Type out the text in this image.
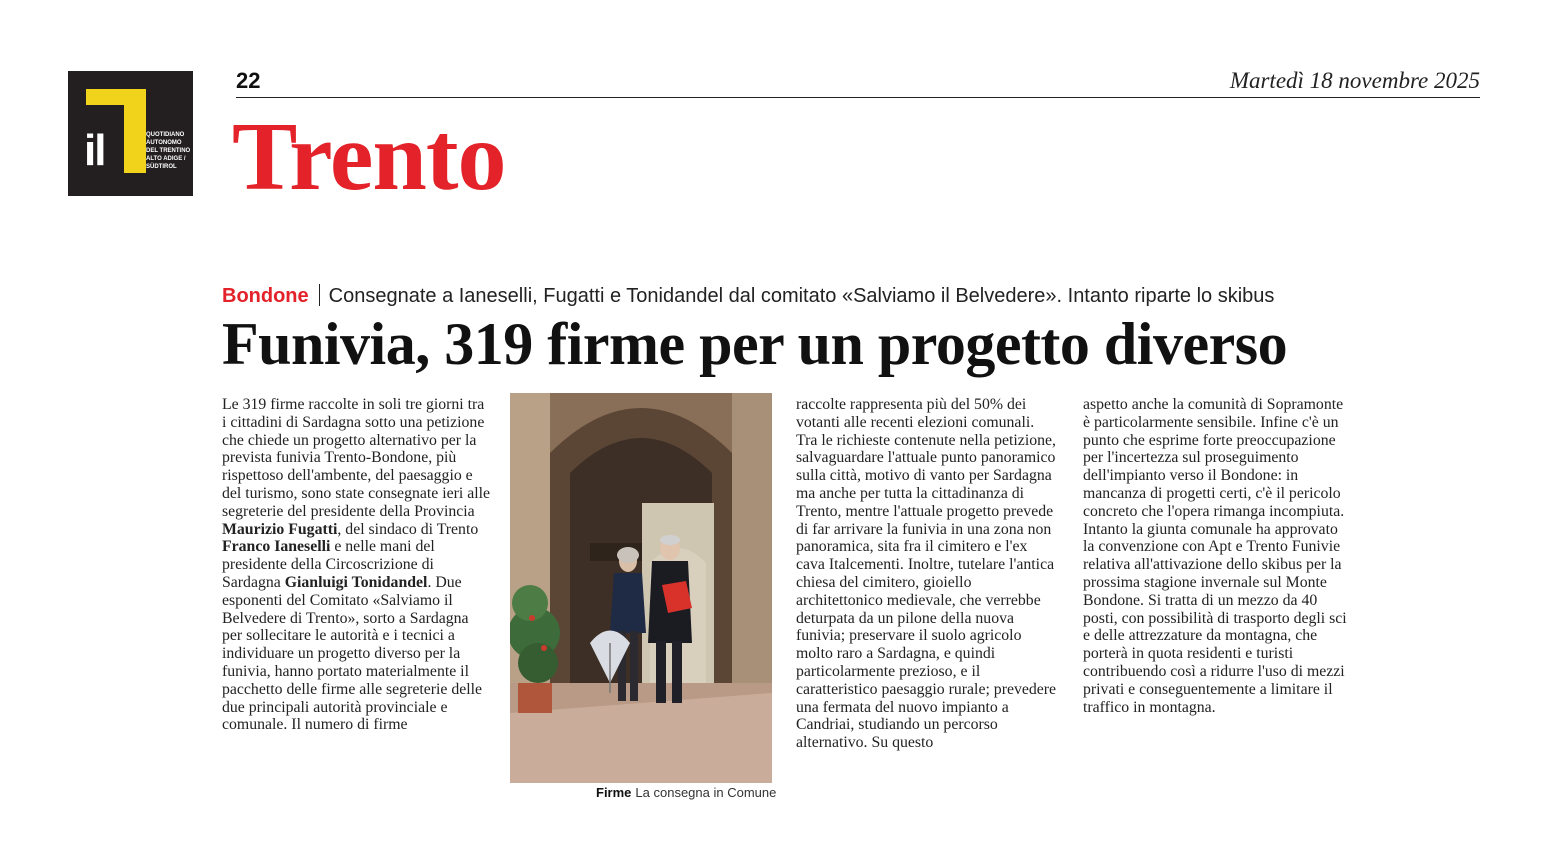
il	QUOTIDIANO
AUTONOMO
DEL TRENTINO
ALTO ADIGE /
SÜDTIROL
22	Martedì 18 novembre 2025
Trento
Bondone Consegnate a Ianeselli, Fugatti e Tonidandel dal comitato «Salviamo il Belvedere». Intanto riparte lo skibus
Funivia, 319 firme per un progetto diverso

Le 319 firme raccolte in soli tre giorni tra i cittadini di Sardagna sotto una petizione che chiede un progetto alternativo per la prevista funivia Trento-Bondone, più rispettoso dell'ambente, del paesaggio e del turismo, sono state consegnate ieri alle segreterie del presidente della Provincia Maurizio Fugatti, del sindaco di Trento Franco Ianeselli e nelle mani del presidente della Circoscrizione di Sardagna Gianluigi Tonidandel. Due esponenti del Comitato «Salviamo il Belvedere di Trento», sorto a Sardagna per sollecitare le autorità e i tecnici a individuare un progetto diverso per la funivia, hanno portato materialmente il pacchetto delle firme alle segreterie delle due principali autorità provinciale e comunale. Il numero di firme

Firme La consegna in Comune

raccolte rappresenta più del 50% dei votanti alle recenti elezioni comunali. Tra le richieste contenute nella petizione, salvaguardare l'attuale punto panoramico sulla città, motivo di vanto per Sardagna ma anche per tutta la cittadinanza di Trento, mentre l'attuale progetto prevede di far arrivare la funivia in una zona non panoramica, sita fra il cimitero e l'ex cava Italcementi. Inoltre, tutelare l'antica chiesa del cimitero, gioiello architettonico medievale, che verrebbe deturpata da un pilone della nuova funivia; preservare il suolo agricolo molto raro a Sardagna, e quindi particolarmente prezioso, e il caratteristico paesaggio rurale; prevedere una fermata del nuovo impianto a Candriai, studiando un percorso alternativo. Su questo

aspetto anche la comunità di Sopramonte è particolarmente sensibile. Infine c'è un punto che esprime forte preoccupazione per l'incertezza sul proseguimento dell'impianto verso il Bondone: in mancanza di progetti certi, c'è il pericolo concreto che l'opera rimanga incompiuta.

Intanto la giunta comunale ha approvato la convenzione con Apt e Trento Funivie relativa all'attivazione dello skibus per la prossima stagione invernale sul Monte Bondone. Si tratta di un mezzo da 40 posti, con possibilità di trasporto degli sci e delle attrezzature da montagna, che porterà in quota residenti e turisti contribuendo così a ridurre l'uso di mezzi privati e conseguentemente a limitare il traffico in montagna.
